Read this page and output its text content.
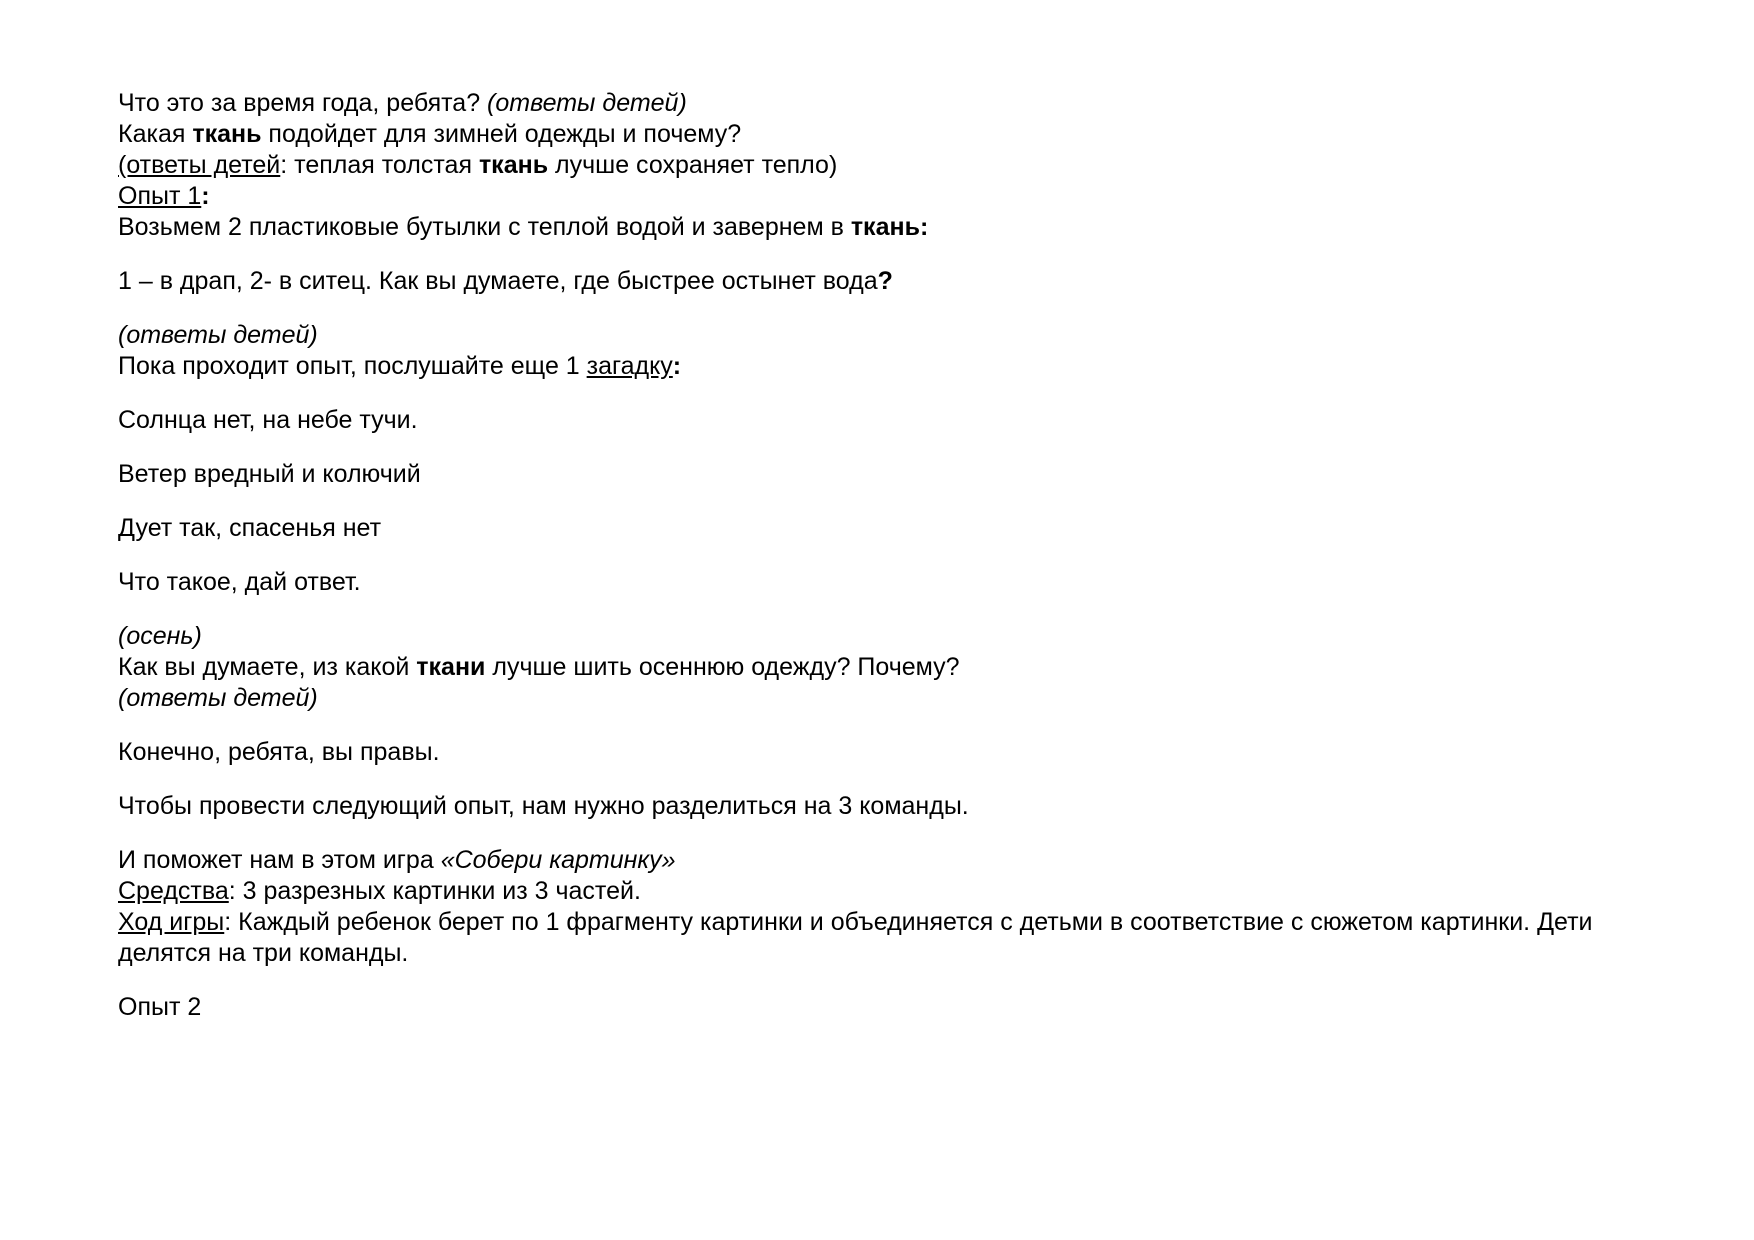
Что это за время года, ребята? (ответы детей)
Какая ткань подойдет для зимней одежды и почему?
(ответы детей: теплая толстая ткань лучше сохраняет тепло)
Опыт 1:
Возьмем 2 пластиковые бутылки с теплой водой и завернем в ткань:
1 – в драп, 2- в ситец. Как вы думаете, где быстрее остынет вода?
(ответы детей)
Пока проходит опыт, послушайте еще 1 загадку:
Солнца нет, на небе тучи.
Ветер вредный и колючий
Дует так, спасенья нет
Что такое, дай ответ.
(осень)
Как вы думаете, из какой ткани лучше шить осеннюю одежду? Почему?
(ответы детей)
Конечно, ребята, вы правы.
Чтобы провести следующий опыт, нам нужно разделиться на 3 команды.
И поможет нам в этом игра «Собери картинку»
Средства: 3 разрезных картинки из 3 частей.
Ход игры: Каждый ребенок берет по 1 фрагменту картинки и объединяется с детьми в соответствие с сюжетом картинки. Дети делятся на три команды.
Опыт 2
